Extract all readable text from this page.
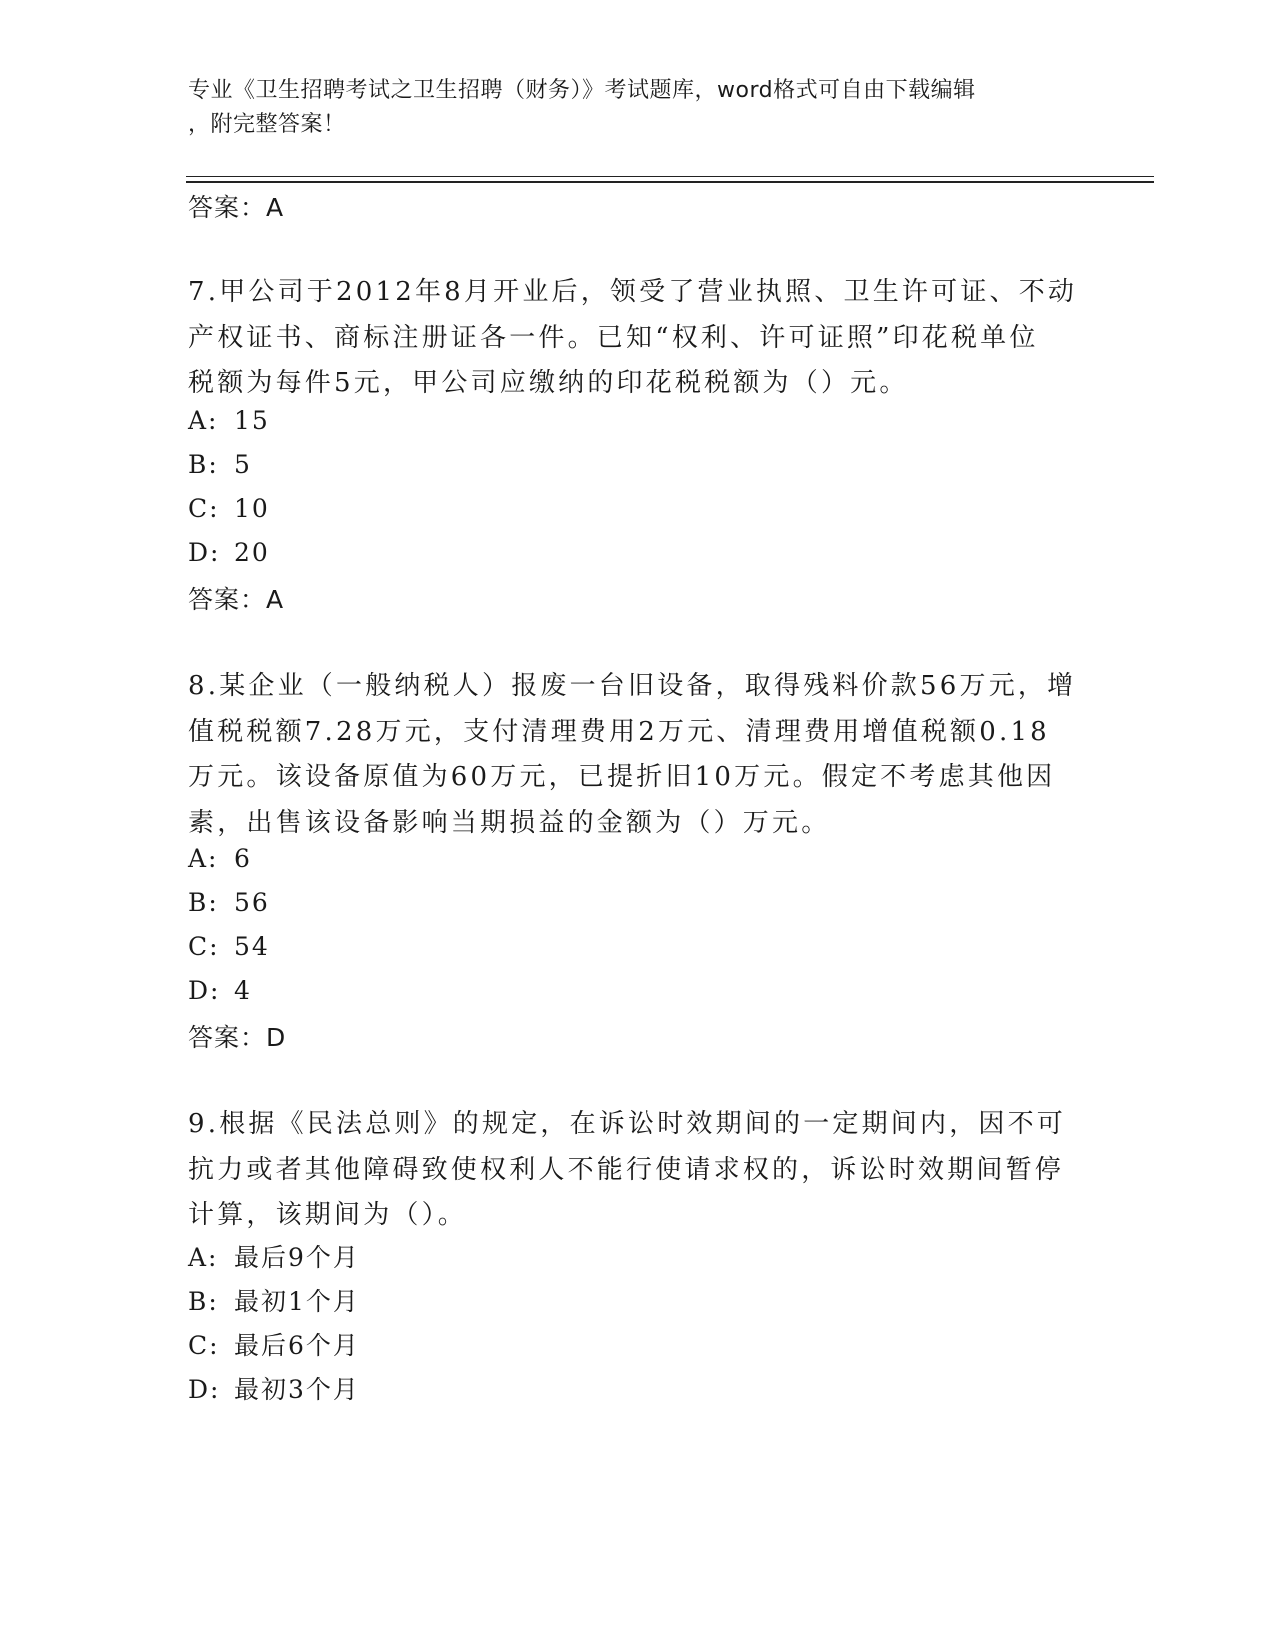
专业《卫生招聘考试之卫生招聘（财务）》考试题库，word格式可自由下载编辑
，附完整答案！
答案：A
7.甲公司于2012年8月开业后，领受了营业执照、卫生许可证、不动
产权证书、商标注册证各一件。已知“权利、许可证照”印花税单位
税额为每件5元，甲公司应缴纳的印花税税额为（）元。
A: 15
B: 5
C: 10
D: 20
答案：A
8.某企业（一般纳税人）报废一台旧设备，取得残料价款56万元，增
值税税额7.28万元，支付清理费用2万元、清理费用增值税额0.18
万元。该设备原值为60万元，已提折旧10万元。假定不考虑其他因
素，出售该设备影响当期损益的金额为（）万元。
A: 6
B: 56
C: 54
D: 4
答案：D
9.根据《民法总则》的规定，在诉讼时效期间的一定期间内，因不可
抗力或者其他障碍致使权利人不能行使请求权的，诉讼时效期间暂停
计算，该期间为（）。
A: 最后9个月
B: 最初1个月
C: 最后6个月
D: 最初3个月
